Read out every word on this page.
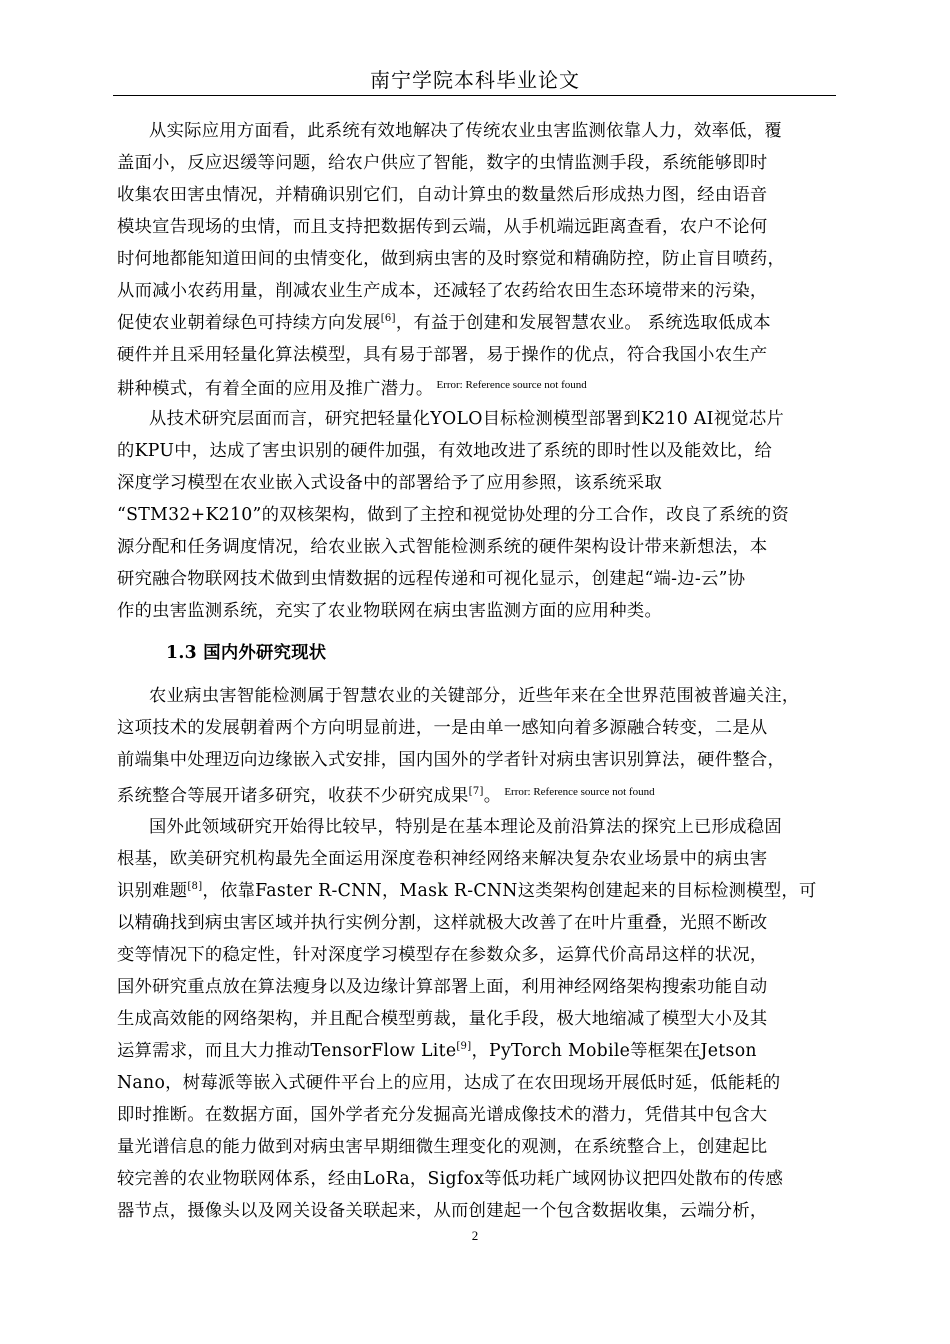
南宁学院本科毕业论文
从实际应用方面看，此系统有效地解决了传统农业虫害监测依靠人力，效率低，覆
盖面小，反应迟缓等问题，给农户供应了智能，数字的虫情监测手段，系统能够即时
收集农田害虫情况，并精确识别它们，自动计算虫的数量然后形成热力图，经由语音
模块宣告现场的虫情，而且支持把数据传到云端，从手机端远距离查看，农户不论何
时何地都能知道田间的虫情变化，做到病虫害的及时察觉和精确防控，防止盲目喷药，
从而减小农药用量，削减农业生产成本，还减轻了农药给农田生态环境带来的污染，
促使农业朝着绿色可持续方向发展[6]，有益于创建和发展智慧农业。 系统选取低成本
硬件并且采用轻量化算法模型，具有易于部署，易于操作的优点，符合我国小农生产
耕种模式，有着全面的应用及推广潜力。 $^{Error: Reference source not found}$
从技术研究层面而言，研究把轻量化YOLO目标检测模型部署到K210 AI视觉芯片
的KPU中，达成了害虫识别的硬件加强，有效地改进了系统的即时性以及能效比，给
深度学习模型在农业嵌入式设备中的部署给予了应用参照，该系统采取
“STM32+K210”的双核架构，做到了主控和视觉协处理的分工合作，改良了系统的资
源分配和任务调度情况，给农业嵌入式智能检测系统的硬件架构设计带来新想法，本
研究融合物联网技术做到虫情数据的远程传递和可视化显示，创建起“端-边-云”协
作的虫害监测系统，充实了农业物联网在病虫害监测方面的应用种类。
1.3 国内外研究现状
农业病虫害智能检测属于智慧农业的关键部分，近些年来在全世界范围被普遍关注，
这项技术的发展朝着两个方向明显前进，一是由单一感知向着多源融合转变，二是从
前端集中处理迈向边缘嵌入式安排，国内国外的学者针对病虫害识别算法，硬件整合，
系统整合等展开诸多研究，收获不少研究成果[7]。 $^{Error: Reference source not found}$
国外此领域研究开始得比较早，特别是在基本理论及前沿算法的探究上已形成稳固
根基，欧美研究机构最先全面运用深度卷积神经网络来解决复杂农业场景中的病虫害
识别难题[8]，依靠Faster R-CNN，Mask R-CNN这类架构创建起来的目标检测模型，可
以精确找到病虫害区域并执行实例分割，这样就极大改善了在叶片重叠，光照不断改
变等情况下的稳定性，针对深度学习模型存在参数众多，运算代价高昂这样的状况，
国外研究重点放在算法瘦身以及边缘计算部署上面，利用神经网络架构搜索功能自动
生成高效能的网络架构，并且配合模型剪裁，量化手段，极大地缩减了模型大小及其
运算需求，而且大力推动TensorFlow Lite[9]，PyTorch Mobile等框架在Jetson
Nano，树莓派等嵌入式硬件平台上的应用，达成了在农田现场开展低时延，低能耗的
即时推断。在数据方面，国外学者充分发掘高光谱成像技术的潜力，凭借其中包含大
量光谱信息的能力做到对病虫害早期细微生理变化的观测，在系统整合上，创建起比
较完善的农业物联网体系，经由LoRa，Sigfox等低功耗广域网协议把四处散布的传感
器节点，摄像头以及网关设备关联起来，从而创建起一个包含数据收集，云端分析，
2
